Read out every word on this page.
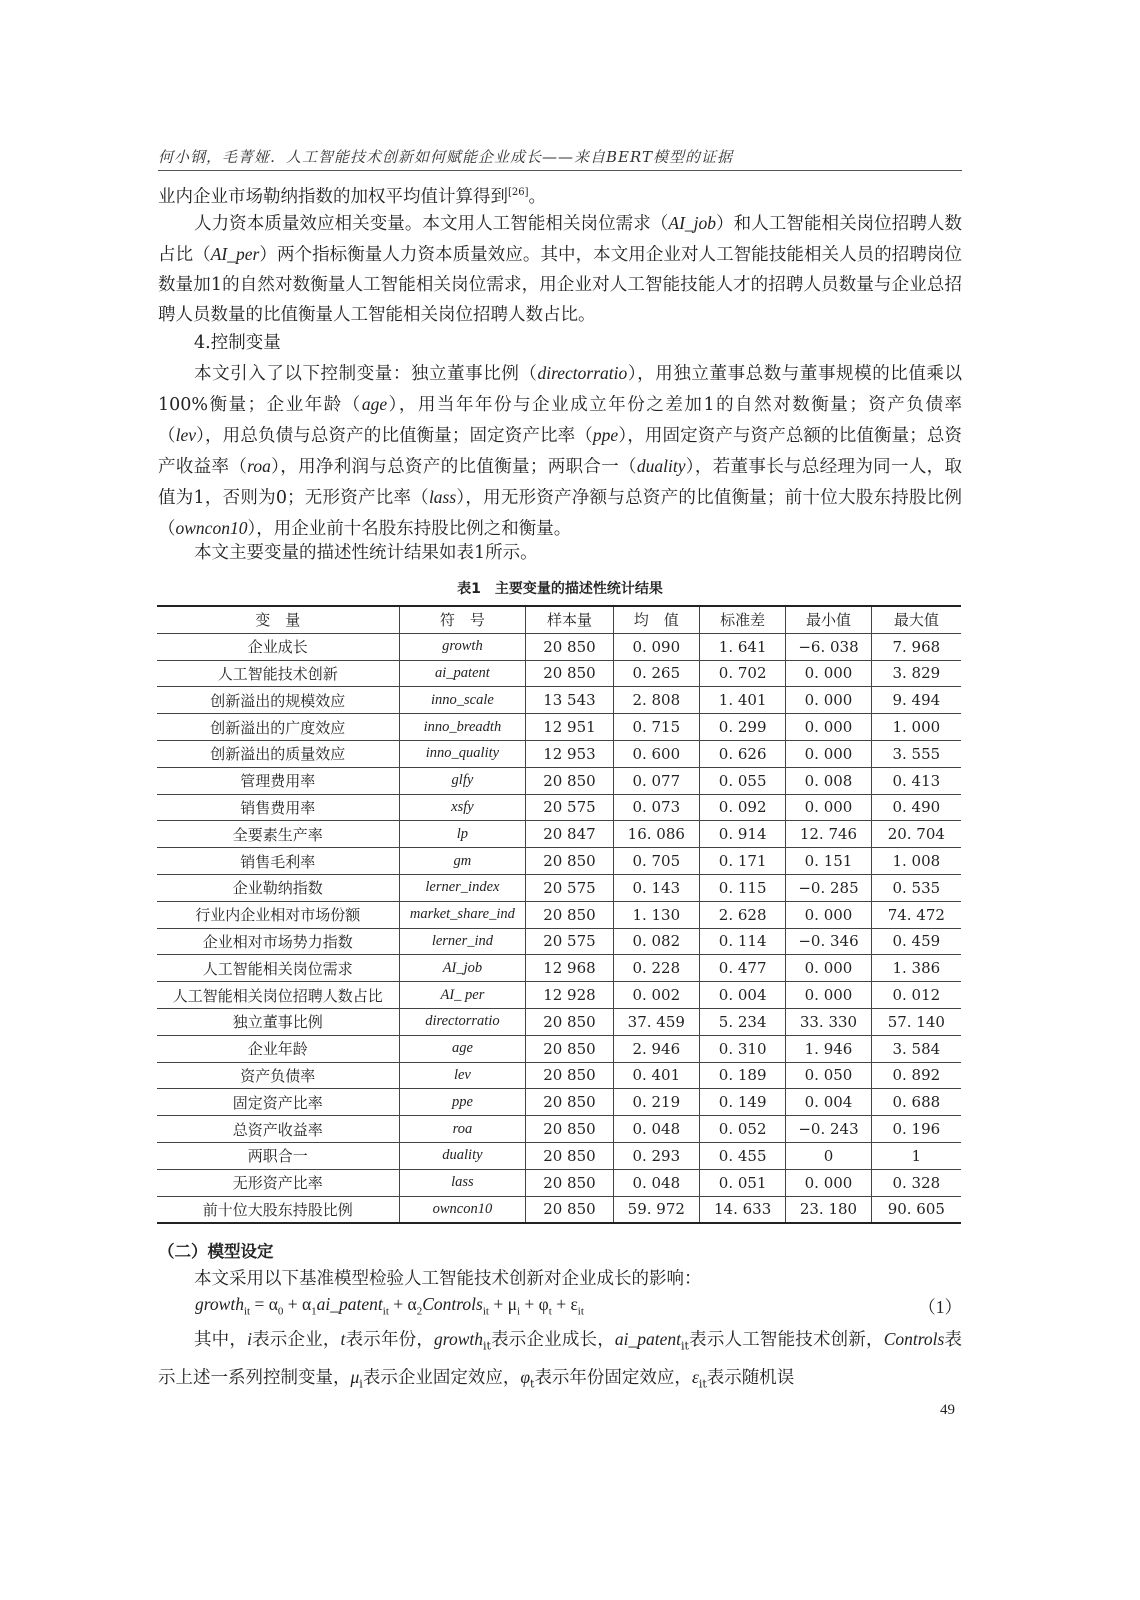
何小钢，毛菁娅．人工智能技术创新如何赋能企业成长——来自BERT模型的证据
业内企业市场勒纳指数的加权平均值计算得到[26]。
人力资本质量效应相关变量。本文用人工智能相关岗位需求（AI_job）和人工智能相关岗位招聘人数占比（AI_per）两个指标衡量人力资本质量效应。其中，本文用企业对人工智能技能相关人员的招聘岗位数量加1的自然对数衡量人工智能相关岗位需求，用企业对人工智能技能人才的招聘人员数量与企业总招聘人员数量的比值衡量人工智能相关岗位招聘人数占比。
4.控制变量
本文引入了以下控制变量：独立董事比例（directorratio），用独立董事总数与董事规模的比值乘以100%衡量；企业年龄（age），用当年年份与企业成立年份之差加1的自然对数衡量；资产负债率（lev），用总负债与总资产的比值衡量；固定资产比率（ppe），用固定资产与资产总额的比值衡量；总资产收益率（roa），用净利润与总资产的比值衡量；两职合一（duality），若董事长与总经理为同一人，取值为1，否则为0；无形资产比率（lass），用无形资产净额与总资产的比值衡量；前十位大股东持股比例（owncon10），用企业前十名股东持股比例之和衡量。
本文主要变量的描述性统计结果如表1所示。
表1　主要变量的描述性统计结果
变　量	符　号	样本量	均　值	标准差	最小值	最大值
企业成长	growth	20 850	0. 090	1. 641	−6. 038	7. 968
人工智能技术创新	ai_patent	20 850	0. 265	0. 702	0. 000	3. 829
创新溢出的规模效应	inno_scale	13 543	2. 808	1. 401	0. 000	9. 494
创新溢出的广度效应	inno_breadth	12 951	0. 715	0. 299	0. 000	1. 000
创新溢出的质量效应	inno_quality	12 953	0. 600	0. 626	0. 000	3. 555
管理费用率	glfy	20 850	0. 077	0. 055	0. 008	0. 413
销售费用率	xsfy	20 575	0. 073	0. 092	0. 000	0. 490
全要素生产率	lp	20 847	16. 086	0. 914	12. 746	20. 704
销售毛利率	gm	20 850	0. 705	0. 171	0. 151	1. 008
企业勒纳指数	lerner_index	20 575	0. 143	0. 115	−0. 285	0. 535
行业内企业相对市场份额	market_share_ind	20 850	1. 130	2. 628	0. 000	74. 472
企业相对市场势力指数	lerner_ind	20 575	0. 082	0. 114	−0. 346	0. 459
人工智能相关岗位需求	AI_job	12 968	0. 228	0. 477	0. 000	1. 386
人工智能相关岗位招聘人数占比	AI_ per	12 928	0. 002	0. 004	0. 000	0. 012
独立董事比例	directorratio	20 850	37. 459	5. 234	33. 330	57. 140
企业年龄	age	20 850	2. 946	0. 310	1. 946	3. 584
资产负债率	lev	20 850	0. 401	0. 189	0. 050	0. 892
固定资产比率	ppe	20 850	0. 219	0. 149	0. 004	0. 688
总资产收益率	roa	20 850	0. 048	0. 052	−0. 243	0. 196
两职合一	duality	20 850	0. 293	0. 455	0	1
无形资产比率	lass	20 850	0. 048	0. 051	0. 000	0. 328
前十位大股东持股比例	owncon10	20 850	59. 972	14. 633	23. 180	90. 605
（二）模型设定
本文采用以下基准模型检验人工智能技术创新对企业成长的影响：
growth$_{it}$ = $\alpha_0$ + $\alpha_1ai\_patent_{it}$ + $\alpha_2Controls_{it} + \mu_i + \varphi_t + \varepsilon_{it}$	（1）
其中，i表示企业，t表示年份，growth$_{it}$表示企业成长，ai_patent$_{it}$表示人工智能技术创新，Controls表示上述一系列控制变量，$\mu_i$表示企业固定效应，$\varphi_t$表示年份固定效应，$\varepsilon_{it}$表示随机误
49
